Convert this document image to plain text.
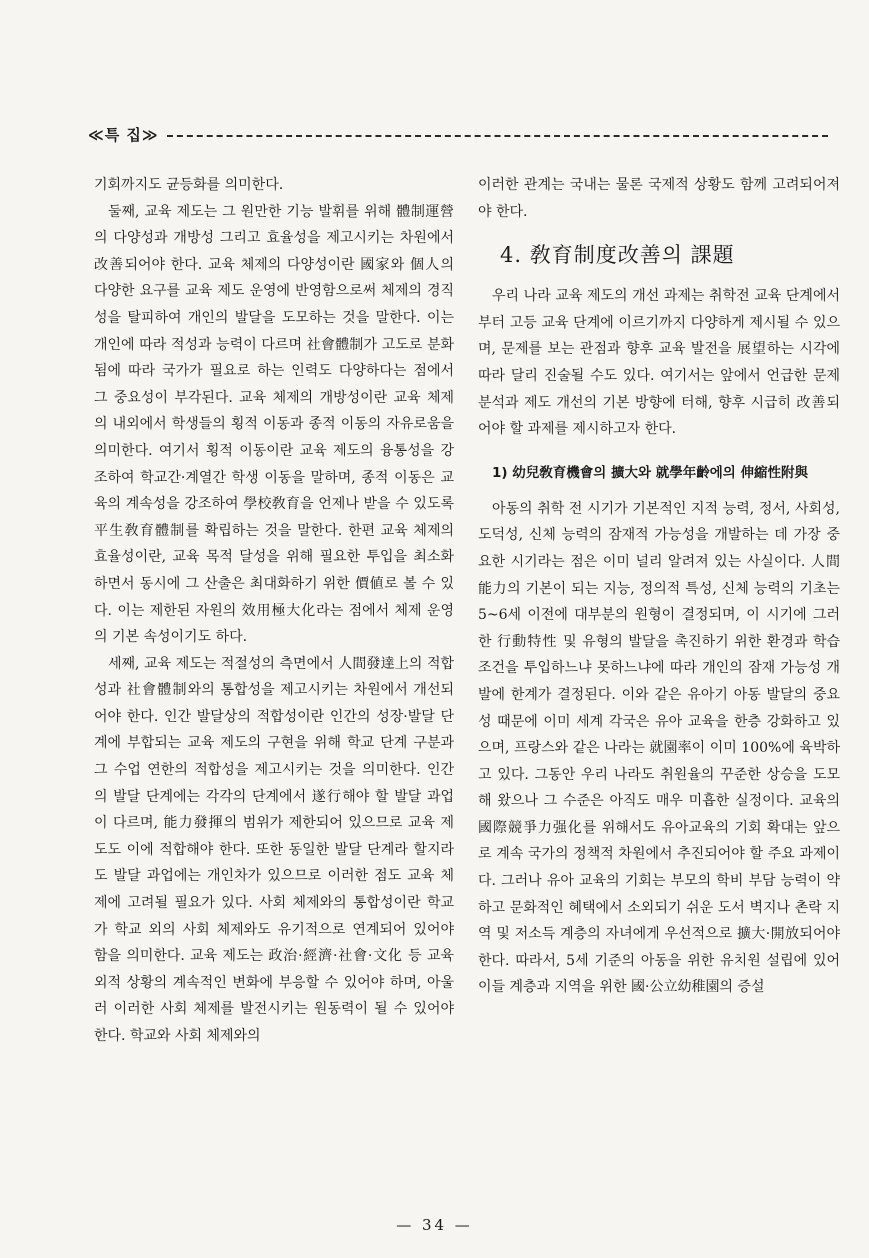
≪특 집≫

기회까지도 균등화를 의미한다.

둘째, 교육 제도는 그 원만한 기능 발휘를 위해 體制運營의 다양성과 개방성 그리고 효율성을 제고시키는 차원에서 改善되어야 한다. 교육 체제의 다양성이란 國家와 個人의 다양한 요구를 교육 제도 운영에 반영함으로써 체제의 경직성을 탈피하여 개인의 발달을 도모하는 것을 말한다. 이는 개인에 따라 적성과 능력이 다르며 社會體制가 고도로 분화됨에 따라 국가가 필요로 하는 인력도 다양하다는 점에서 그 중요성이 부각된다. 교육 체제의 개방성이란 교육 체제의 내외에서 학생들의 횡적 이동과 종적 이동의 자유로움을 의미한다. 여기서 횡적 이동이란 교육 제도의 융통성을 강조하여 학교간·계열간 학생 이동을 말하며, 종적 이동은 교육의 계속성을 강조하여 學校敎育을 언제나 받을 수 있도록 平生敎育體制를 확립하는 것을 말한다. 한편 교육 체제의 효율성이란, 교육 목적 달성을 위해 필요한 투입을 최소화하면서 동시에 그 산출은 최대화하기 위한 價値로 볼 수 있다. 이는 제한된 자원의 效用極大化라는 점에서 체제 운영의 기본 속성이기도 하다.

세째, 교육 제도는 적절성의 측면에서 人間發達上의 적합성과 社會體制와의 통합성을 제고시키는 차원에서 개선되어야 한다. 인간 발달상의 적합성이란 인간의 성장·발달 단계에 부합되는 교육 제도의 구현을 위해 학교 단계 구분과 그 수업 연한의 적합성을 제고시키는 것을 의미한다. 인간의 발달 단계에는 각각의 단계에서 遂行해야 할 발달 과업이 다르며, 能力發揮의 범위가 제한되어 있으므로 교육 제도도 이에 적합해야 한다. 또한 동일한 발달 단계라 할지라도 발달 과업에는 개인차가 있으므로 이러한 점도 교육 체제에 고려될 필요가 있다. 사회 체제와의 통합성이란 학교가 학교 외의 사회 체제와도 유기적으로 연계되어 있어야 함을 의미한다. 교육 제도는 政治·經濟·社會·文化 등 교육 외적 상황의 계속적인 변화에 부응할 수 있어야 하며, 아울러 이러한 사회 체제를 발전시키는 원동력이 될 수 있어야 한다. 학교와 사회 체제와의

이러한 관계는 국내는 물론 국제적 상황도 함께 고려되어져야 한다.

4. 敎育制度改善의 課題

우리 나라 교육 제도의 개선 과제는 취학전 교육 단계에서부터 고등 교육 단계에 이르기까지 다양하게 제시될 수 있으며, 문제를 보는 관점과 향후 교육 발전을 展望하는 시각에 따라 달리 진술될 수도 있다. 여기서는 앞에서 언급한 문제 분석과 제도 개선의 기본 방향에 터해, 향후 시급히 改善되어야 할 과제를 제시하고자 한다.

1) 幼兒敎育機會의 擴大와 就學年齡에의 伸縮性附與

아동의 취학 전 시기가 기본적인 지적 능력, 정서, 사회성, 도덕성, 신체 능력의 잠재적 가능성을 개발하는 데 가장 중요한 시기라는 점은 이미 널리 알려져 있는 사실이다. 人間能力의 기본이 되는 지능, 정의적 특성, 신체 능력의 기초는 5~6세 이전에 대부분의 원형이 결정되며, 이 시기에 그러한 行動特性 및 유형의 발달을 촉진하기 위한 환경과 학습 조건을 투입하느냐 못하느냐에 따라 개인의 잠재 가능성 개발에 한계가 결정된다. 이와 같은 유아기 아동 발달의 중요성 때문에 이미 세계 각국은 유아 교육을 한층 강화하고 있으며, 프랑스와 같은 나라는 就園率이 이미 100%에 육박하고 있다. 그동안 우리 나라도 취원율의 꾸준한 상승을 도모해 왔으나 그 수준은 아직도 매우 미흡한 실정이다. 교육의 國際競爭力强化를 위해서도 유아교육의 기회 확대는 앞으로 계속 국가의 정책적 차원에서 추진되어야 할 주요 과제이다. 그러나 유아 교육의 기회는 부모의 학비 부담 능력이 약하고 문화적인 혜택에서 소외되기 쉬운 도서 벽지나 촌락 지역 및 저소득 계층의 자녀에게 우선적으로 擴大·開放되어야 한다. 따라서, 5세 기준의 아동을 위한 유치원 설립에 있어 이들 계층과 지역을 위한 國·公立幼稚園의 증설

— 34 —
